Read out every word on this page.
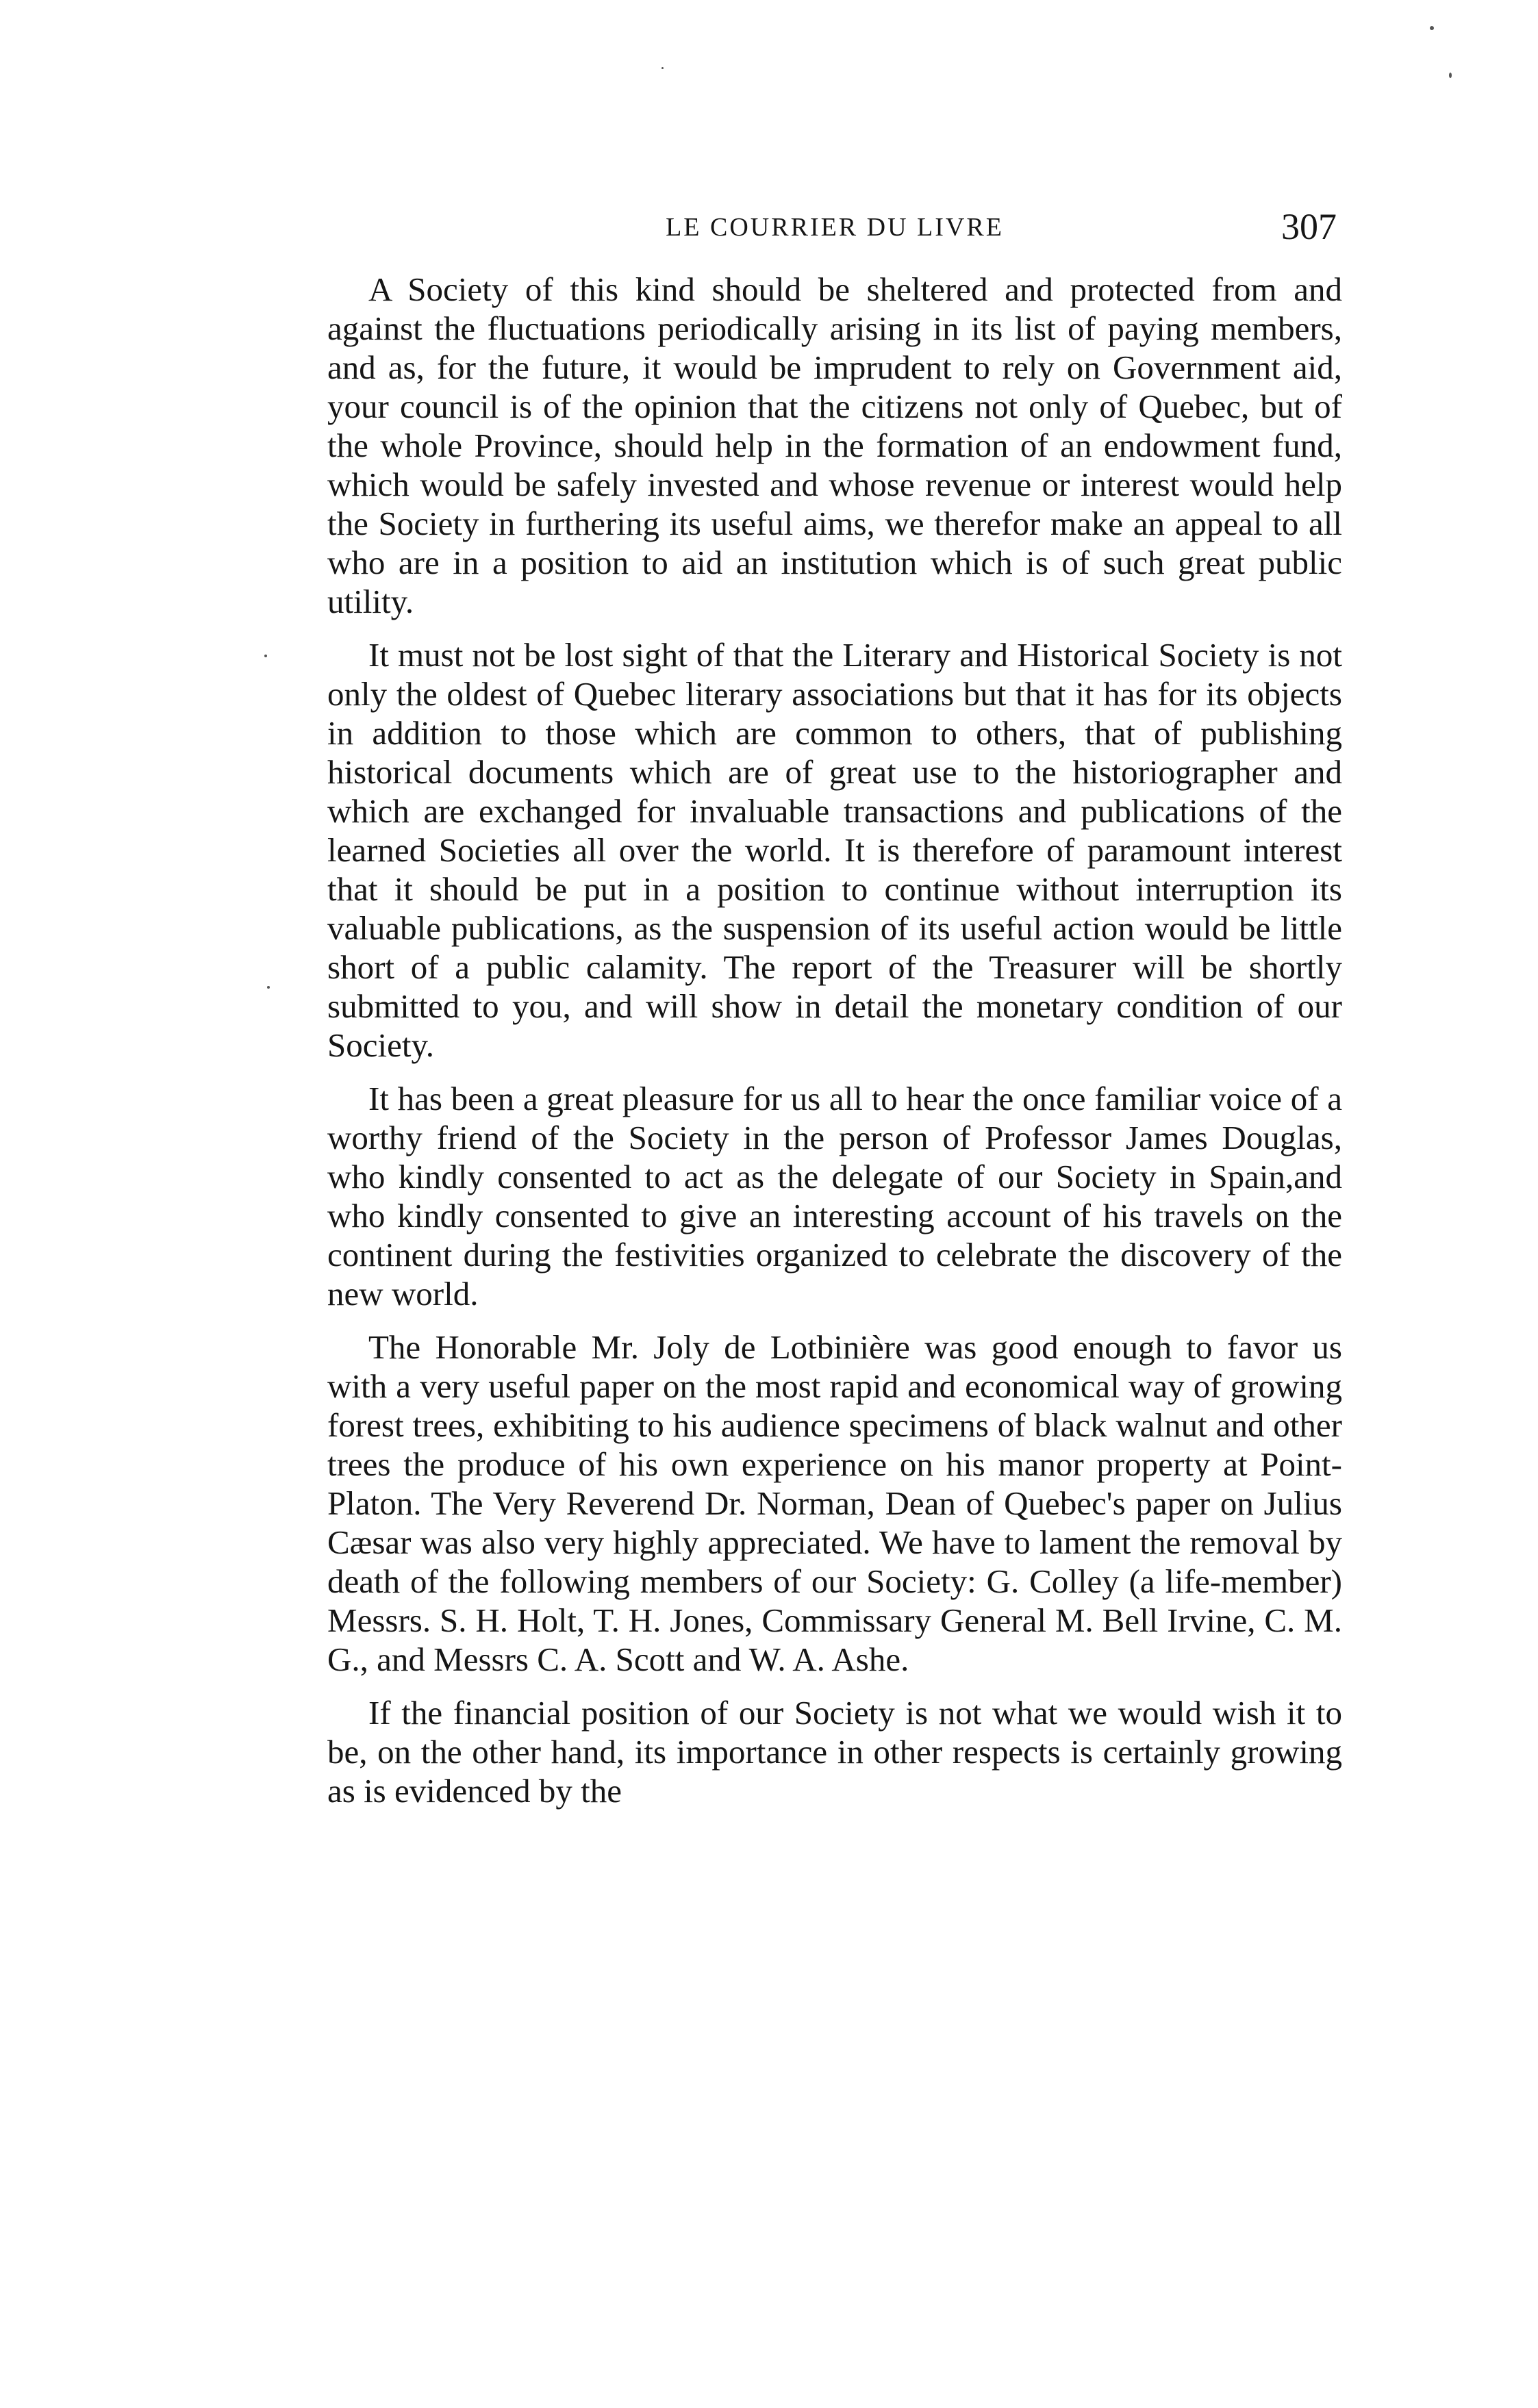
LE COURRIER DU LIVRE	307

A Society of this kind should be sheltered and protected from and against the fluctuations periodically arising in its list of paying members, and as, for the future, it would be imprudent to rely on Government aid, your council is of the opinion that the citizens not only of Quebec, but of the whole Province, should help in the formation of an endowment fund, which would be safely invested and whose revenue or interest would help the Society in furthering its useful aims, we therefor make an appeal to all who are in a position to aid an institution which is of such great public utility.

It must not be lost sight of that the Literary and Historical Society is not only the oldest of Quebec literary associations but that it has for its objects in addition to those which are common to others, that of publishing historical documents which are of great use to the historiographer and which are exchanged for invaluable transactions and publications of the learned Societies all over the world. It is therefore of paramount interest that it should be put in a position to continue without interruption its valuable publications, as the suspension of its useful action would be little short of a public calamity. The report of the Treasurer will be shortly submitted to you, and will show in detail the monetary condition of our Society.

It has been a great pleasure for us all to hear the once familiar voice of a worthy friend of the Society in the person of Professor James Douglas, who kindly consented to act as the delegate of our Society in Spain,and who kindly consented to give an interesting account of his travels on the continent during the festivities organized to celebrate the discovery of the new world.

The Honorable Mr. Joly de Lotbinière was good enough to favor us with a very useful paper on the most rapid and economical way of growing forest trees, exhibiting to his audience specimens of black walnut and other trees the produce of his own experience on his manor property at Point-Platon. The Very Reverend Dr. Norman, Dean of Quebec's paper on Julius Cæsar was also very highly appreciated. We have to lament the removal by death of the following members of our Society: G. Colley (a life-member) Messrs. S. H. Holt, T. H. Jones, Commissary General M. Bell Irvine, C. M. G., and Messrs C. A. Scott and W. A. Ashe.

If the financial position of our Society is not what we would wish it to be, on the other hand, its importance in other respects is certainly growing as is evidenced by the
